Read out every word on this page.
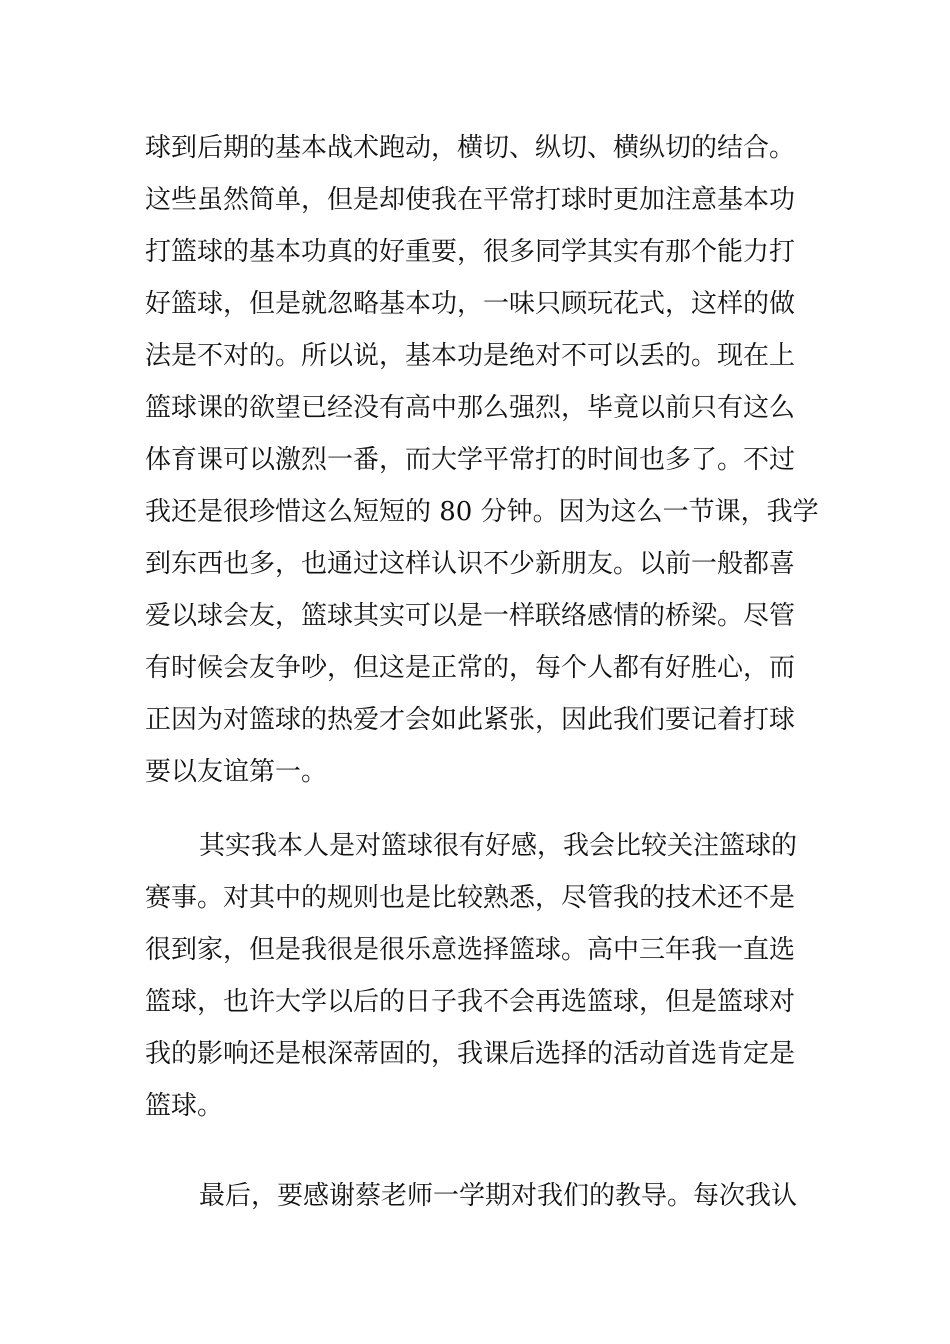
球到后期的基本战术跑动，横切、纵切、横纵切的结合。
这些虽然简单，但是却使我在平常打球时更加注意基本功
打篮球的基本功真的好重要，很多同学其实有那个能力打
好篮球，但是就忽略基本功，一味只顾玩花式，这样的做
法是不对的。所以说，基本功是绝对不可以丢的。现在上
篮球课的欲望已经没有高中那么强烈，毕竟以前只有这么
体育课可以激烈一番，而大学平常打的时间也多了。不过
我还是很珍惜这么短短的 80 分钟。因为这么一节课，我学
到东西也多，也通过这样认识不少新朋友。以前一般都喜
爱以球会友，篮球其实可以是一样联络感情的桥梁。尽管
有时候会友争吵，但这是正常的，每个人都有好胜心，而
正因为对篮球的热爱才会如此紧张，因此我们要记着打球
要以友谊第一。
其实我本人是对篮球很有好感，我会比较关注篮球的
赛事。对其中的规则也是比较熟悉，尽管我的技术还不是
很到家，但是我很是很乐意选择篮球。高中三年我一直选
篮球，也许大学以后的日子我不会再选篮球，但是篮球对
我的影响还是根深蒂固的，我课后选择的活动首选肯定是
篮球。
最后，要感谢蔡老师一学期对我们的教导。每次我认
